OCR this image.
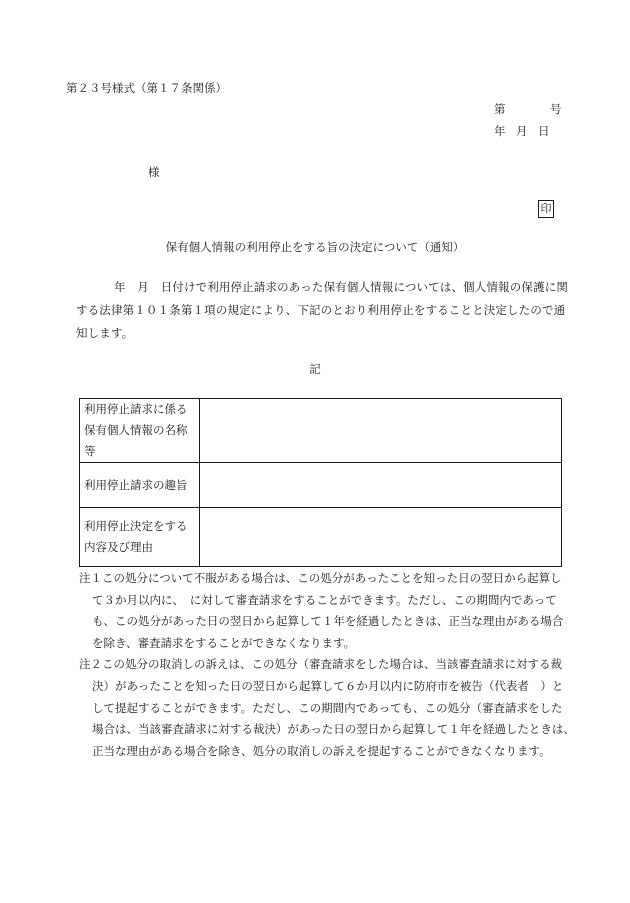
第２３号様式（第１７条関係）
第	号
年 月 日
様
印
保有個人情報の利用停止をする旨の決定について（通知）
年　月　日付けで利用停止請求のあった保有個人情報については、個人情報の保護に関
する法律第１０１条第１項の規定により、下記のとおり利用停止をすることと決定したので通
知します。
記
利用停止請求に係る保有個人情報の名称等	
利用停止請求の趣旨	
利用停止決定をする内容及び理由	
注１この処分について不服がある場合は、この処分があったことを知った日の翌日から起算し
て３か月以内に、　に対して審査請求をすることができます。ただし、この期間内であって
も、この処分があった日の翌日から起算して１年を経過したときは、正当な理由がある場合
を除き、審査請求をすることができなくなります。
注２この処分の取消しの訴えは、この処分（審査請求をした場合は、当該審査請求に対する裁
決）があったことを知った日の翌日から起算して６か月以内に防府市を被告（代表者　）と
して提起することができます。ただし、この期間内であっても、この処分（審査請求をした
場合は、当該審査請求に対する裁決）があった日の翌日から起算して１年を経過したときは、
正当な理由がある場合を除き、処分の取消しの訴えを提起することができなくなります。
